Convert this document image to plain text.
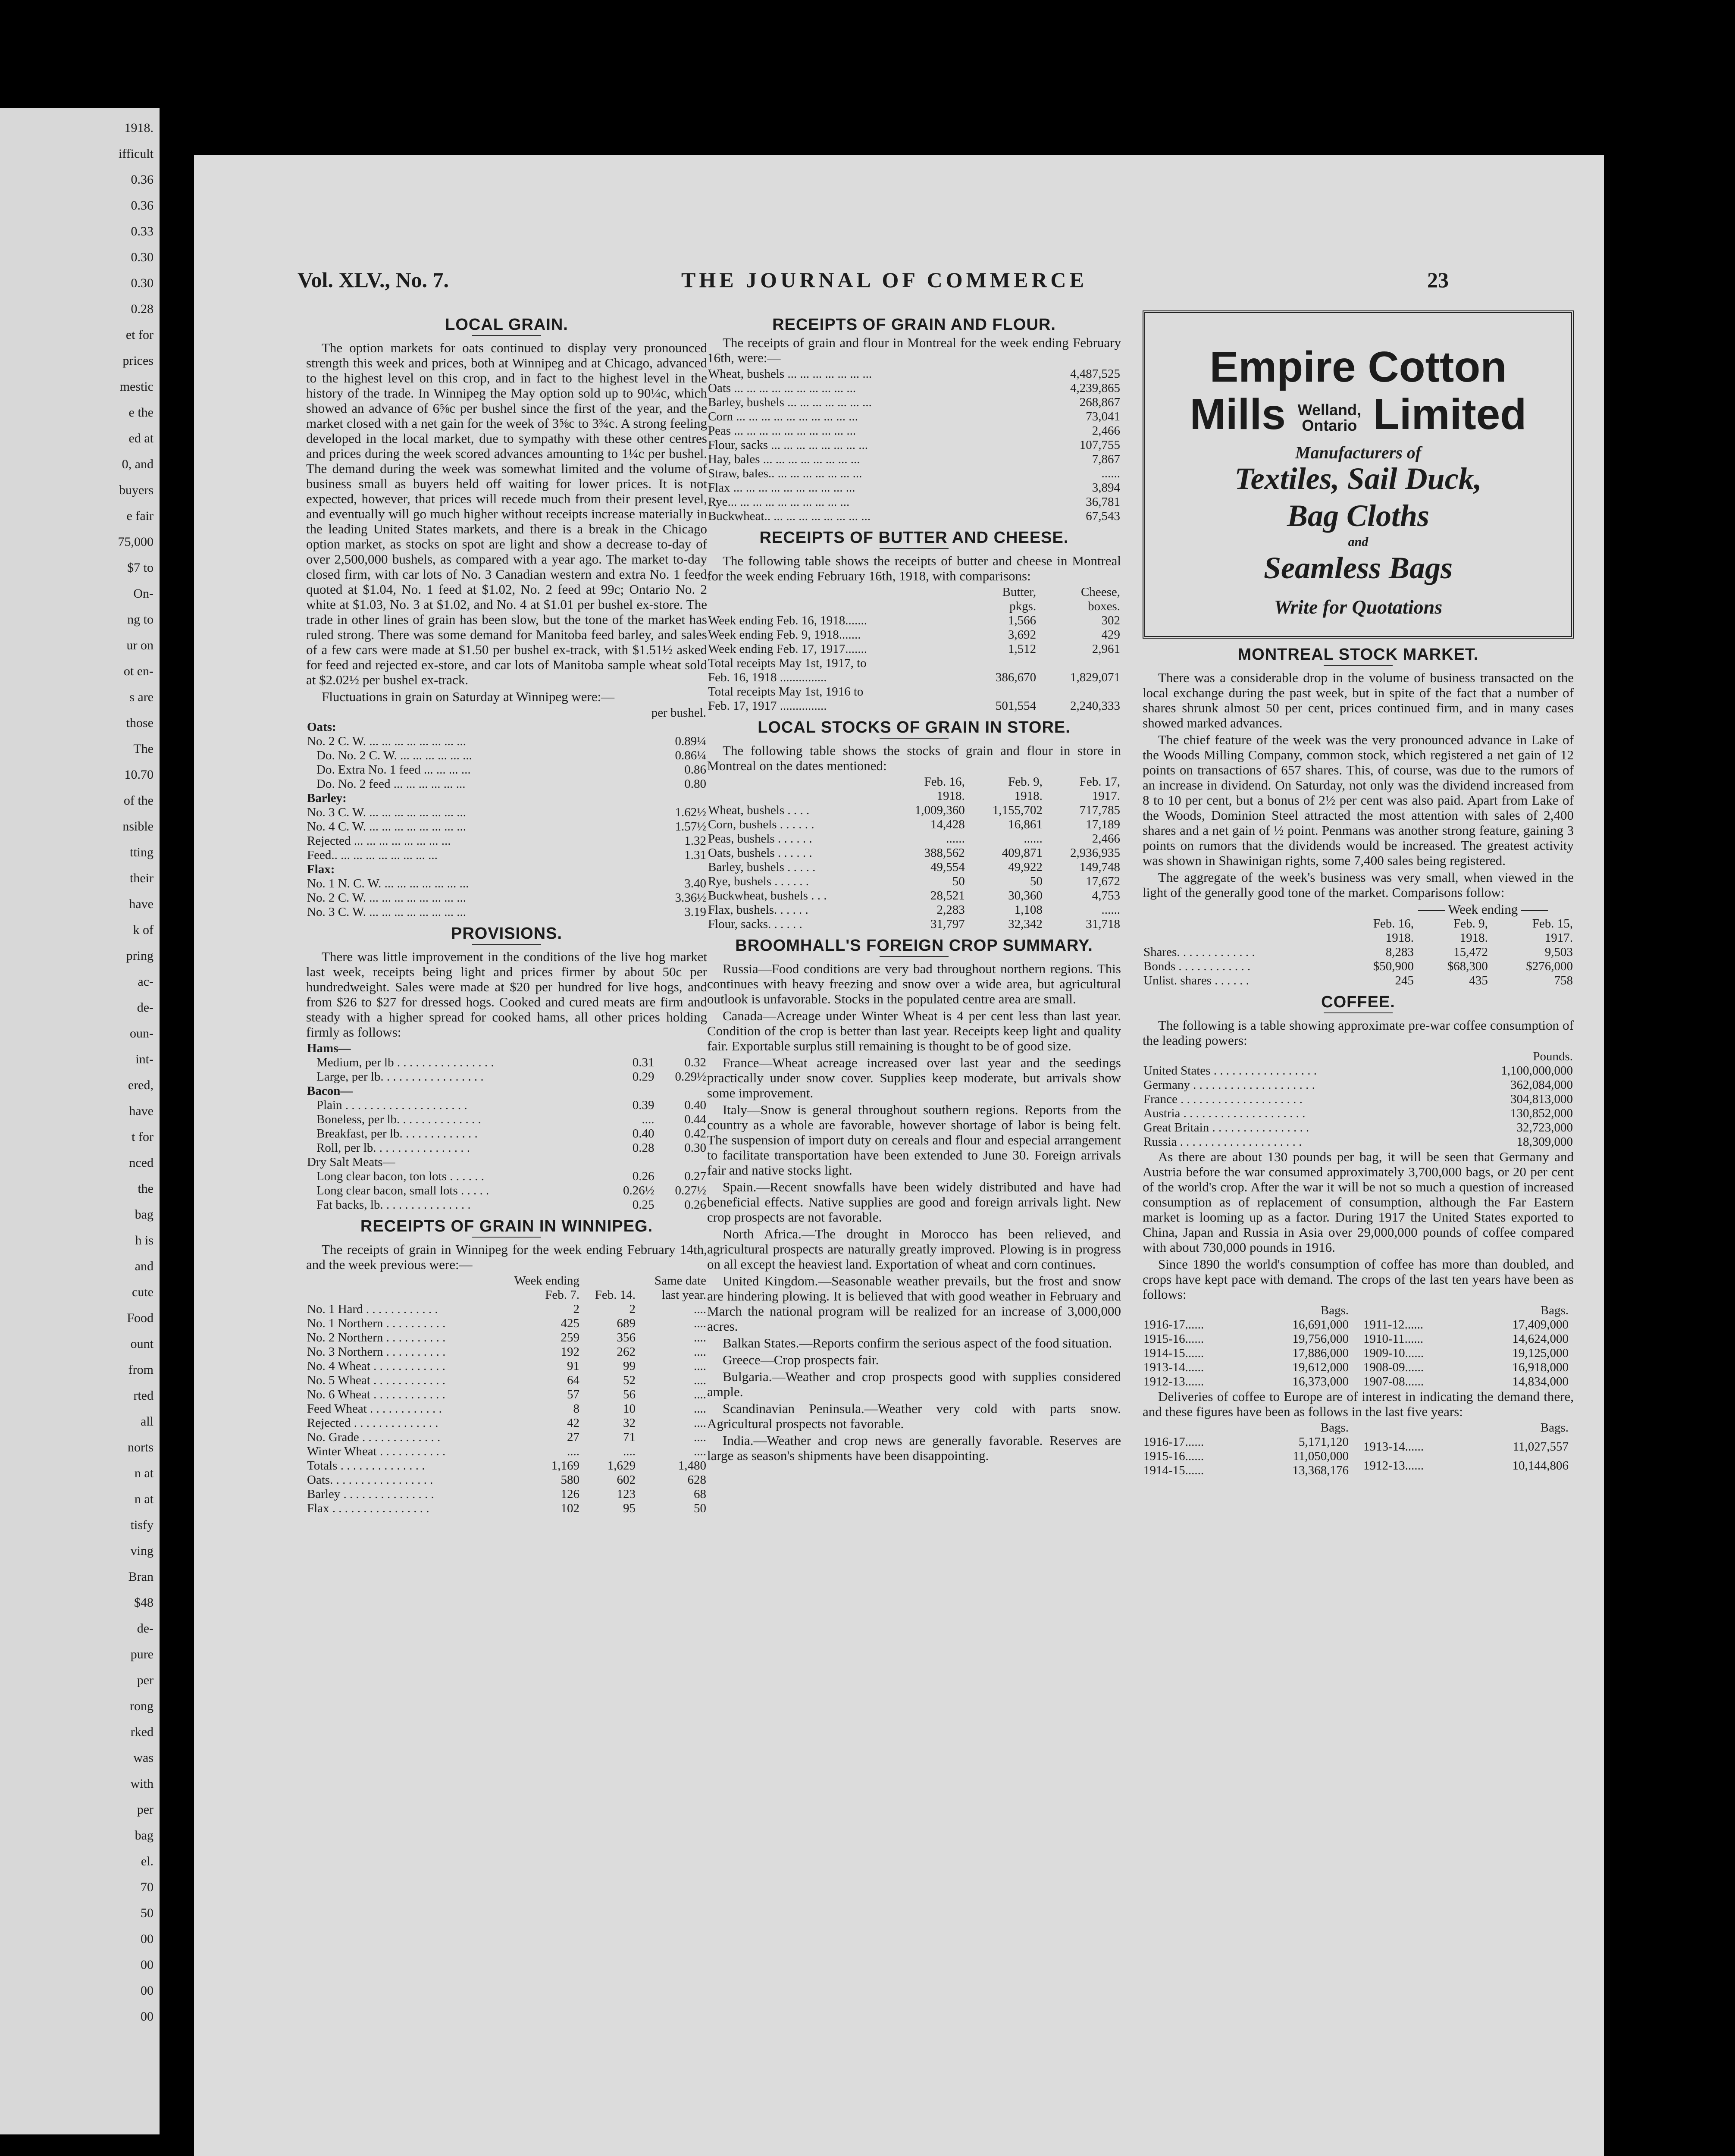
1918.
ifficult
0.36
0.36
0.33
0.30
0.30
0.28
et for
prices
mestic
e the
ed at
0, and
buyers
e fair
75,000
$7 to
On-
ng to
ur on
ot en-
s are
those
The
10.70
of the
nsible
tting
their
have
k of
pring
ac-
de-
oun-
int-
ered,
have
t for
nced
the
bag
h is
and
cute
Food
ount
from
rted
all
norts
n at
n at
tisfy
ving
Bran
$48
de-
pure
per
rong
rked
was
with
per
bag
el.
70
50
00
00
00
00
Vol. XLV., No. 7.	THE JOURNAL OF COMMERCE	23
LOCAL GRAIN.

The option markets for oats continued to display very pronounced strength this week and prices, both at Winnipeg and at Chicago, advanced to the highest level on this crop, and in fact to the highest level in the history of the trade. In Winnipeg the May option sold up to 90¼c, which showed an advance of 6⅝c per bushel since the first of the year, and the market closed with a net gain for the week of 3⅝c to 3¾c. A strong feeling developed in the local market, due to sympathy with these other centres and prices during the week scored advances amounting to 1¼c per bushel. The demand during the week was somewhat limited and the volume of business small as buyers held off waiting for lower prices. It is not expected, however, that prices will recede much from their present level, and eventually will go much higher without receipts increase materially in the leading United States markets, and there is a break in the Chicago option market, as stocks on spot are light and show a decrease to-day of over 2,500,000 bushels, as compared with a year ago. The market to-day closed firm, with car lots of No. 3 Canadian western and extra No. 1 feed quoted at $1.04, No. 1 feed at $1.02, No. 2 feed at 99c; Ontario No. 2 white at $1.03, No. 3 at $1.02, and No. 4 at $1.01 per bushel ex-store. The trade in other lines of grain has been slow, but the tone of the market has ruled strong. There was some demand for Manitoba feed barley, and sales of a few cars were made at $1.50 per bushel ex-track, with $1.51½ asked for feed and rejected ex-store, and car lots of Manitoba sample wheat sold at $2.02½ per bushel ex-track.

Fluctuations in grain on Saturday at Winnipeg were:—

	per bushel.
Oats:	
No. 2 C. W. ... ... ... ... ... ... ... ...	0.89¼
Do. No. 2 C. W. ... ... ... ... ... ...	0.86¼
Do. Extra No. 1 feed ... ... ... ...	0.86
Do. No. 2 feed ... ... ... ... ... ...	0.80
Barley:	
No. 3 C. W. ... ... ... ... ... ... ... ...	1.62½
No. 4 C. W. ... ... ... ... ... ... ... ...	1.57½
Rejected ... ... ... ... ... ... ... ...	1.32
Feed.. ... ... ... ... ... ... ... ...	1.31
Flax:	
No. 1 N. C. W. ... ... ... ... ... ... ...	3.40
No. 2 C. W. ... ... ... ... ... ... ... ...	3.36½
No. 3 C. W. ... ... ... ... ... ... ... ...	3.19
PROVISIONS.

There was little improvement in the conditions of the live hog market last week, receipts being light and prices firmer by about 50c per hundredweight. Sales were made at $20 per hundred for live hogs, and from $26 to $27 for dressed hogs. Cooked and cured meats are firm and steady with a higher spread for cooked hams, all other prices holding firmly as follows:

Hams—		
Medium, per lb . . . . . . . . . . . . . . . .	0.31	0.32
Large, per lb. . . . . . . . . . . . . . . . .	0.29	0.29½
Bacon—		
Plain . . . . . . . . . . . . . . . . . . . .	0.39	0.40
Boneless, per lb. . . . . . . . . . . . . .	....	0.44
Breakfast, per lb. . . . . . . . . . . . .	0.40	0.42
Roll, per lb. . . . . . . . . . . . . . . .	0.28	0.30
Dry Salt Meats—		
Long clear bacon, ton lots . . . . . .	0.26	0.27
Long clear bacon, small lots . . . . .	0.26½	0.27½
Fat backs, lb. . . . . . . . . . . . . . .	0.25	0.26
RECEIPTS OF GRAIN IN WINNIPEG.

The receipts of grain in Winnipeg for the week ending February 14th, and the week previous were:—

	Week ending		Same date
	Feb. 7.	Feb. 14.	last year.
No. 1 Hard . . . . . . . . . . . .	2	2	....
No. 1 Northern . . . . . . . . . .	425	689	....
No. 2 Northern . . . . . . . . . .	259	356	....
No. 3 Northern . . . . . . . . . .	192	262	....
No. 4 Wheat . . . . . . . . . . . .	91	99	....
No. 5 Wheat . . . . . . . . . . . .	64	52	....
No. 6 Wheat . . . . . . . . . . . .	57	56	....
Feed Wheat . . . . . . . . . . . .	8	10	....
Rejected . . . . . . . . . . . . . .	42	32	....
No. Grade . . . . . . . . . . . . .	27	71	....
Winter Wheat . . . . . . . . . . .	....	....	....

Totals . . . . . . . . . . . . . .	1,169	1,629	1,480
Oats. . . . . . . . . . . . . . . . .	580	602	628
Barley . . . . . . . . . . . . . . .	126	123	68
Flax . . . . . . . . . . . . . . . .	102	95	50
RECEIPTS OF GRAIN AND FLOUR.

The receipts of grain and flour in Montreal for the week ending February 16th, were:—

Wheat, bushels ... ... ... ... ... ... ...	4,487,525
Oats ... ... ... ... ... ... ... ... ... ...	4,239,865
Barley, bushels ... ... ... ... ... ... ...	268,867
Corn ... ... ... ... ... ... ... ... ... ...	73,041
Peas ... ... ... ... ... ... ... ... ... ...	2,466
Flour, sacks ... ... ... ... ... ... ... ...	107,755
Hay, bales ... ... ... ... ... ... ... ...	7,867
Straw, bales.. ... ... ... ... ... ... ...	......
Flax ... ... ... ... ... ... ... ... ... ...	3,894
Rye... ... ... ... ... ... ... ... ... ...	36,781
Buckwheat.. ... ... ... ... ... ... ... ...	67,543
RECEIPTS OF BUTTER AND CHEESE.

The following table shows the receipts of butter and cheese in Montreal for the week ending February 16th, 1918, with comparisons:

	Butter,	Cheese,
	pkgs.	boxes.
Week ending Feb. 16, 1918.......	1,566	302
Week ending Feb. 9, 1918.......	3,692	429
Week ending Feb. 17, 1917.......	1,512	2,961
Total receipts May 1st, 1917, to		
Feb. 16, 1918 ...............	386,670	1,829,071
Total receipts May 1st, 1916 to		
Feb. 17, 1917 ...............	501,554	2,240,333
LOCAL STOCKS OF GRAIN IN STORE.

The following table shows the stocks of grain and flour in store in Montreal on the dates mentioned:

	Feb. 16,	Feb. 9,	Feb. 17,
	1918.	1918.	1917.
Wheat, bushels . . . .	1,009,360	1,155,702	717,785
Corn, bushels . . . . . .	14,428	16,861	17,189
Peas, bushels . . . . . .	......	......	2,466
Oats, bushels . . . . . .	388,562	409,871	2,936,935
Barley, bushels . . . . .	49,554	49,922	149,748
Rye, bushels . . . . . .	50	50	17,672
Buckwheat, bushels . . .	28,521	30,360	4,753
Flax, bushels. . . . . .	2,283	1,108	......
Flour, sacks. . . . . .	31,797	32,342	31,718
BROOMHALL'S FOREIGN CROP SUMMARY.

Russia—Food conditions are very bad throughout northern regions. This continues with heavy freezing and snow over a wide area, but agricultural outlook is unfavorable. Stocks in the populated centre area are small.

Canada—Acreage under Winter Wheat is 4 per cent less than last year. Condition of the crop is better than last year. Receipts keep light and quality fair. Exportable surplus still remaining is thought to be of good size.

France—Wheat acreage increased over last year and the seedings practically under snow cover. Supplies keep moderate, but arrivals show some improvement.

Italy—Snow is general throughout southern regions. Reports from the country as a whole are favorable, however shortage of labor is being felt. The suspension of import duty on cereals and flour and especial arrangement to facilitate transportation have been extended to June 30. Foreign arrivals fair and native stocks light.

Spain.—Recent snowfalls have been widely distributed and have had beneficial effects. Native supplies are good and foreign arrivals light. New crop prospects are not favorable.

North Africa.—The drought in Morocco has been relieved, and agricultural prospects are naturally greatly improved. Plowing is in progress on all except the heaviest land. Exportation of wheat and corn continues.

United Kingdom.—Seasonable weather prevails, but the frost and snow are hindering plowing. It is believed that with good weather in February and March the national program will be realized for an increase of 3,000,000 acres.

Balkan States.—Reports confirm the serious aspect of the food situation.

Greece—Crop prospects fair.

Bulgaria.—Weather and crop prospects good with supplies considered ample.

Scandinavian Peninsula.—Weather very cold with parts snow. Agricultural prospects not favorable.

India.—Weather and crop news are generally favorable. Reserves are large as season's shipments have been disappointing.

Empire Cotton
Mills Welland,
Ontario Limited
Manufacturers of
Textiles, Sail Duck,
Bag Cloths
and
Seamless Bags
Write for Quotations
MONTREAL STOCK MARKET.

There was a considerable drop in the volume of business transacted on the local exchange during the past week, but in spite of the fact that a number of shares shrunk almost 50 per cent, prices continued firm, and in many cases showed marked advances.

The chief feature of the week was the very pronounced advance in Lake of the Woods Milling Company, common stock, which registered a net gain of 12 points on transactions of 657 shares. This, of course, was due to the rumors of an increase in dividend. On Saturday, not only was the dividend increased from 8 to 10 per cent, but a bonus of 2½ per cent was also paid. Apart from Lake of the Woods, Dominion Steel attracted the most attention with sales of 2,400 shares and a net gain of ½ point. Penmans was another strong feature, gaining 3 points on rumors that the dividends would be increased. The greatest activity was shown in Shawinigan rights, some 7,400 sales being registered.

The aggregate of the week's business was very small, when viewed in the light of the generally good tone of the market. Comparisons follow:

—— Week ending ——
	Feb. 16,	Feb. 9,	Feb. 15,
	1918.	1918.	1917.
Shares. . . . . . . . . . . . .	8,283	15,472	9,503
Bonds . . . . . . . . . . . .	$50,900	$68,300	$276,000
Unlist. shares . . . . . .	245	435	758
COFFEE.

The following is a table showing approximate pre-war coffee consumption of the leading powers:

	Pounds.
United States . . . . . . . . . . . . . . . . .	1,100,000,000
Germany . . . . . . . . . . . . . . . . . . . .	362,084,000
France . . . . . . . . . . . . . . . . . . . .	304,813,000
Austria . . . . . . . . . . . . . . . . . . . .	130,852,000
Great Britain . . . . . . . . . . . . . . . .	32,723,000
Russia . . . . . . . . . . . . . . . . . . . .	18,309,000

As there are about 130 pounds per bag, it will be seen that Germany and Austria before the war consumed approximately 3,700,000 bags, or 20 per cent of the world's crop. After the war it will be not so much a question of increased consumption as of replacement of consumption, although the Far Eastern market is looming up as a factor. During 1917 the United States exported to China, Japan and Russia in Asia over 29,000,000 pounds of coffee compared with about 730,000 pounds in 1916.

Since 1890 the world's consumption of coffee has more than doubled, and crops have kept pace with demand. The crops of the last ten years have been as follows:

	Bags.
1916-17......	16,691,000
1915-16......	19,756,000
1914-15......	17,886,000
1913-14......	19,612,000
1912-13......	16,373,000
	Bags.
1911-12......	17,409,000
1910-11......	14,624,000
1909-10......	19,125,000
1908-09......	16,918,000
1907-08......	14,834,000

Deliveries of coffee to Europe are of interest in indicating the demand there, and these figures have been as follows in the last five years:

	Bags.
1916-17......	5,171,120
1915-16......	11,050,000
1914-15......	13,368,176
	Bags.
1913-14......	11,027,557
1912-13......	10,144,806
